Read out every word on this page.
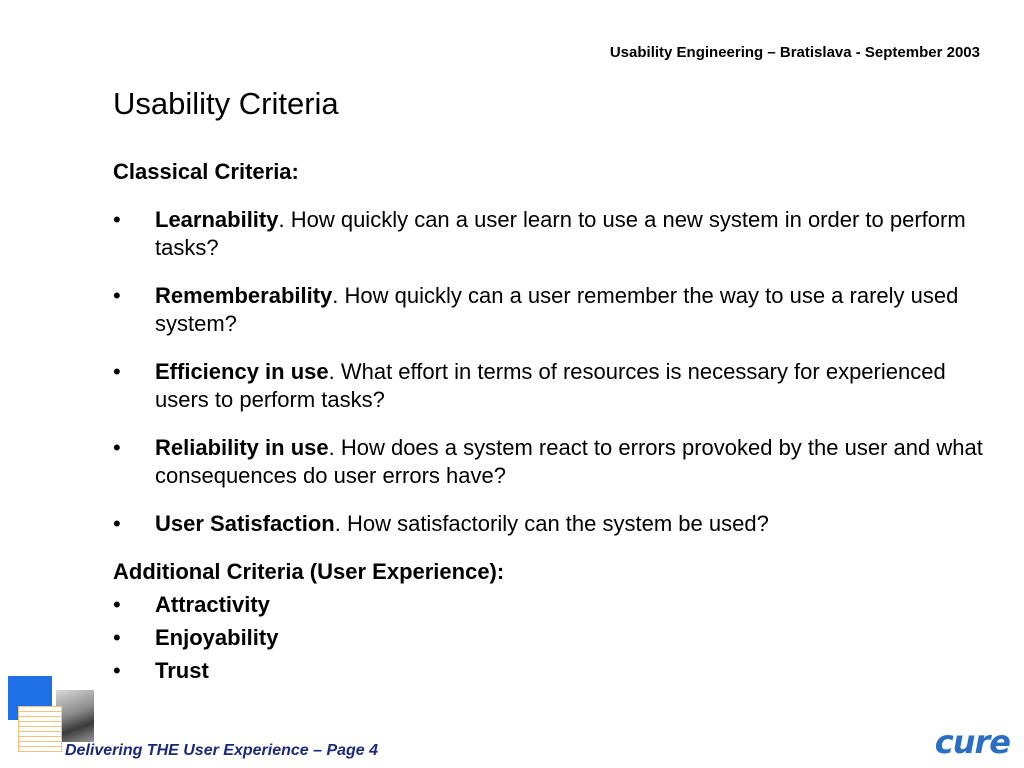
Usability Engineering – Bratislava - September 2003
Usability Criteria
Classical Criteria:
•	Learnability. How quickly can a user learn to use a new system in order to perform tasks?
•	Rememberability. How quickly can a user remember the way to use a rarely used system?
•	Efficiency in use. What effort in terms of resources is necessary for experienced users to perform tasks?
•	Reliability in use. How does a system react to errors provoked by the user and what consequences do user errors have?
•	User Satisfaction. How satisfactorily can the system be used?
Additional Criteria (User Experience):
•	Attractivity
•	Enjoyability
•	Trust
Delivering THE User Experience – Page 4	cure
